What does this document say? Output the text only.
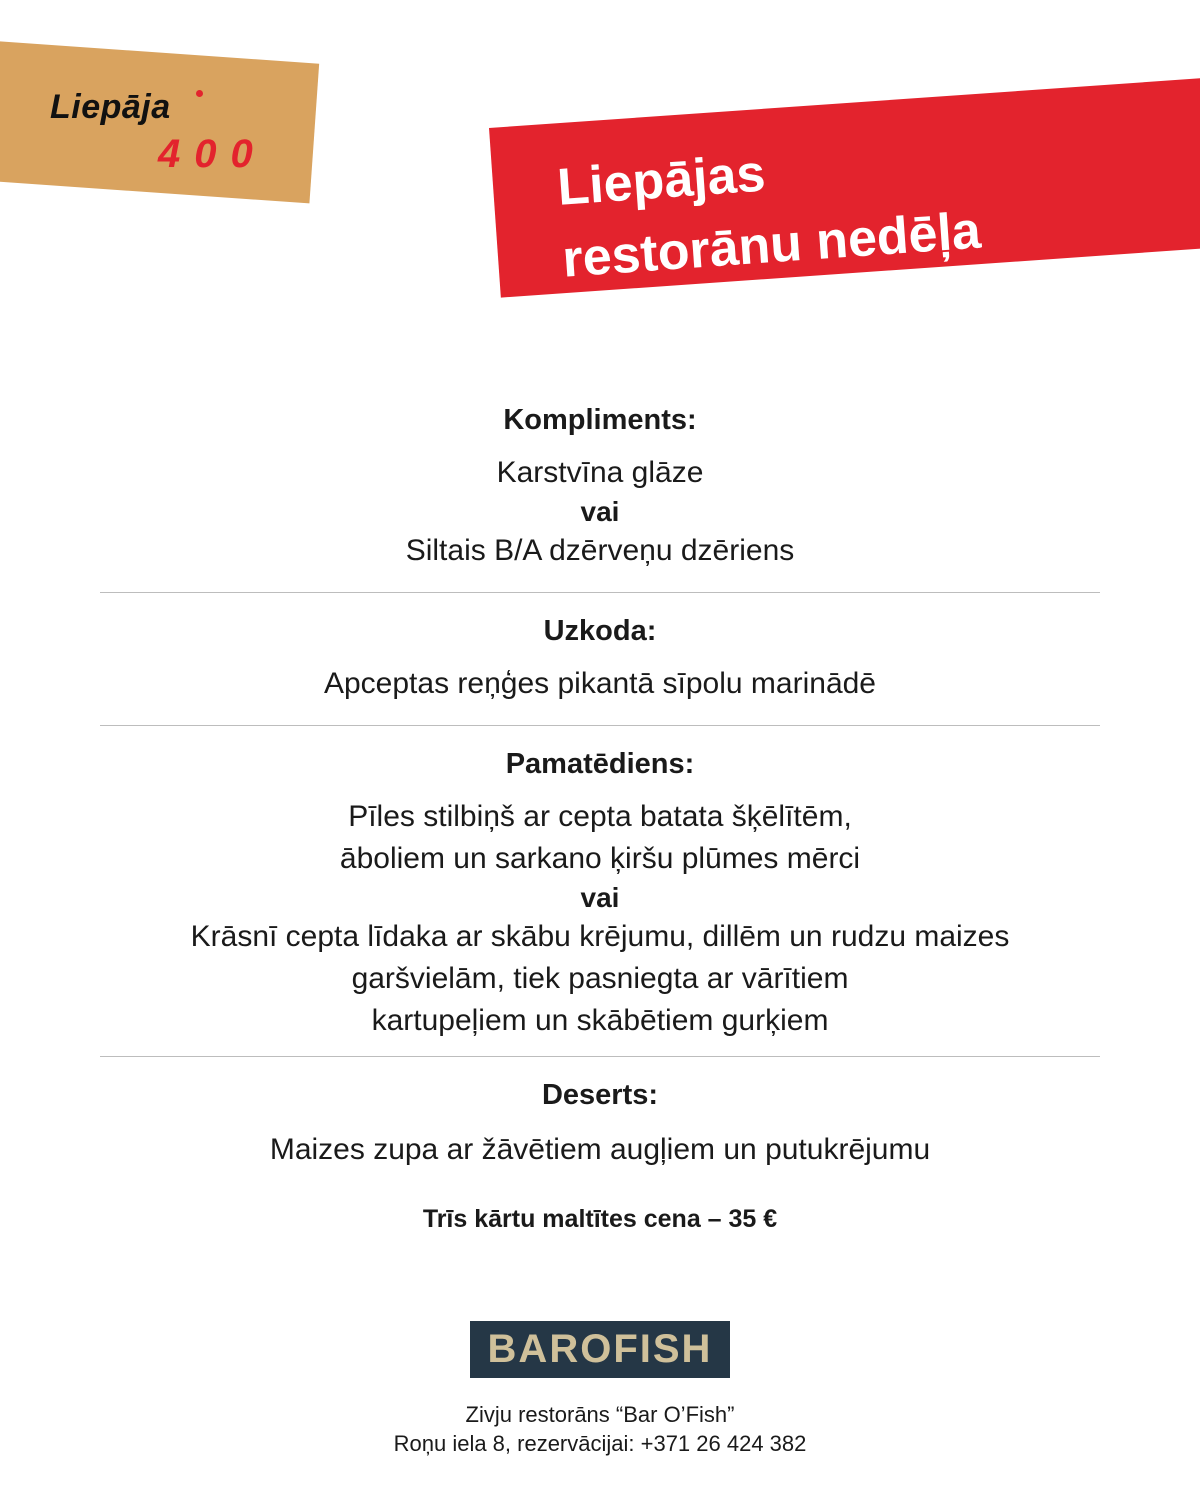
Liepāja
400	Liepājas
restorānu nedēļa

Kompliments:

Karstvīna glāze

vai

Siltais B/A dzērveņu dzēriens

Uzkoda:

Apceptas reņģes pikantā sīpolu marinādē

Pamatēdiens:

Pīles stilbiņš ar cepta batata šķēlītēm,

āboliem un sarkano ķiršu plūmes mērci

vai

Krāsnī cepta līdaka ar skābu krējumu, dillēm un rudzu maizes

garšvielām, tiek pasniegta ar vārītiem

kartupeļiem un skābētiem gurķiem

Deserts:

Maizes zupa ar žāvētiem augļiem un putukrējumu

Trīs kārtu maltītes cena – 35 €
BAROFISH
Zivju restorāns “Bar O’Fish”
Roņu iela 8, rezervācijai: +371 26 424 382
